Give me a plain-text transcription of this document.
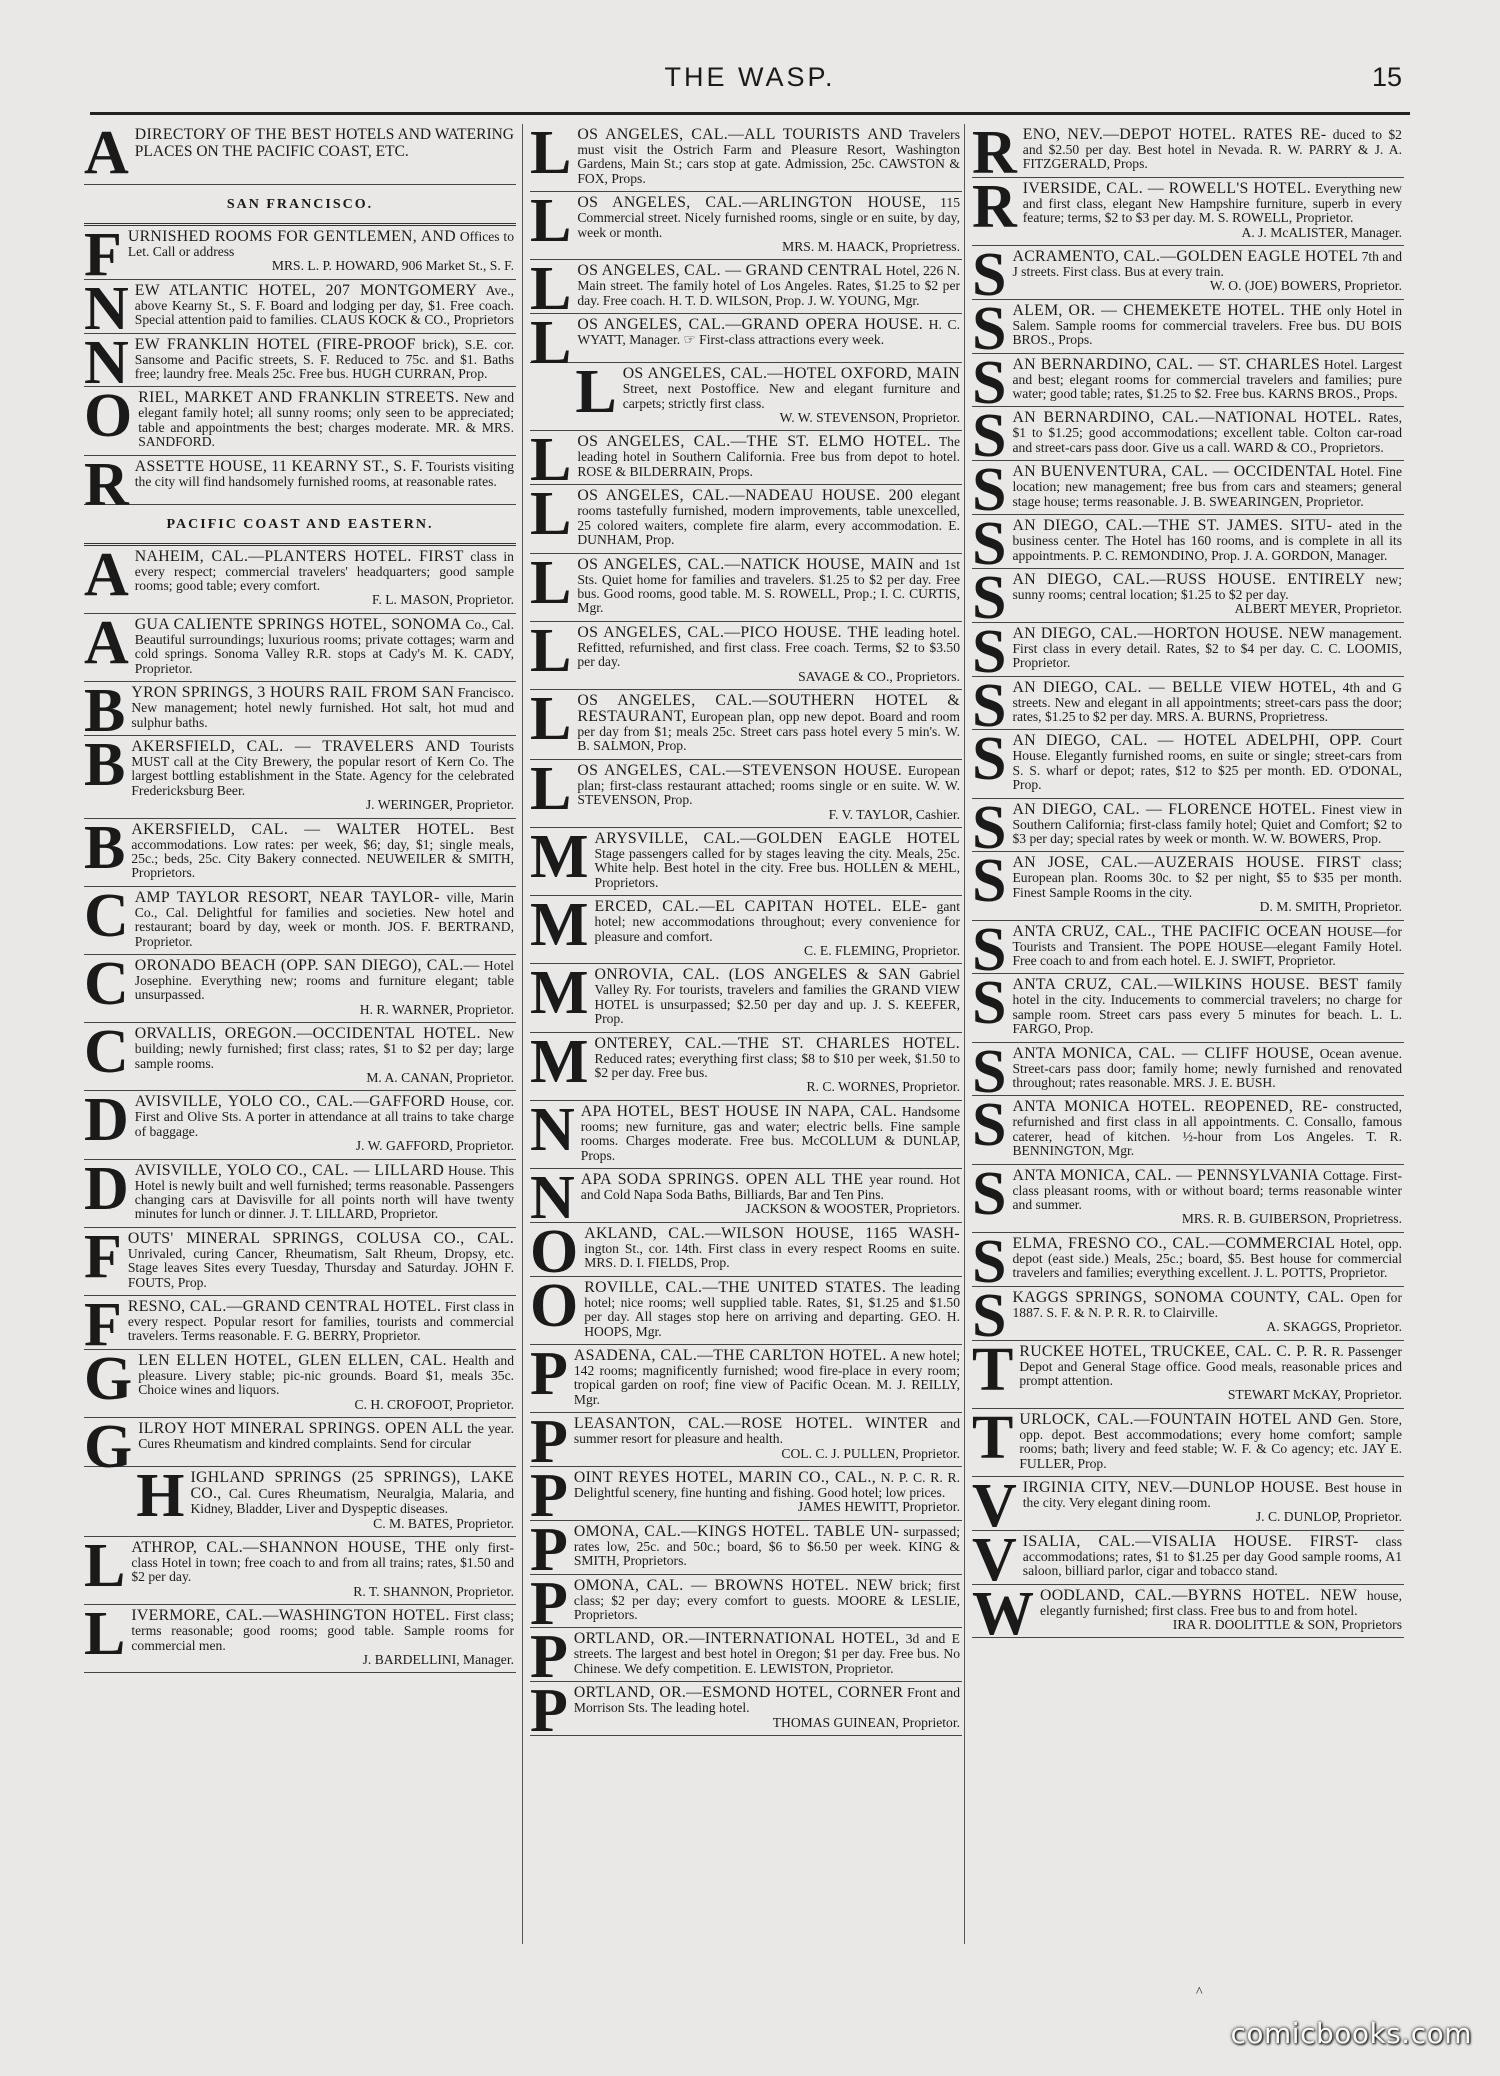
THE WASP.	15
A DIRECTORY OF THE BEST HOTELS AND WATERING PLACES ON THE PACIFIC COAST, ETC.
SAN FRANCISCO.
F URNISHED ROOMS FOR GENTLEMEN, AND Offices to Let. Call or address
MRS. L. P. HOWARD, 906 Market St., S. F.
N EW ATLANTIC HOTEL, 207 MONTGOMERY Ave., above Kearny St., S. F. Board and lodging per day, $1. Free coach. Special attention paid to families. CLAUS KOCK & CO., Proprietors
N EW FRANKLIN HOTEL (FIRE-PROOF brick), S.E. cor. Sansome and Pacific streets, S. F. Reduced to 75c. and $1. Baths free; laundry free. Meals 25c. Free bus. HUGH CURRAN, Prop.
O RIEL, MARKET AND FRANKLIN STREETS. New and elegant family hotel; all sunny rooms; only seen to be appreciated; table and appointments the best; charges moderate. MR. & MRS. SANDFORD.
R ASSETTE HOUSE, 11 KEARNY ST., S. F. Tourists visiting the city will find handsomely furnished rooms, at reasonable rates.
PACIFIC COAST AND EASTERN.
A NAHEIM, CAL.—PLANTERS HOTEL. FIRST class in every respect; commercial travelers' headquarters; good sample rooms; good table; every comfort.
F. L. MASON, Proprietor.
A GUA CALIENTE SPRINGS HOTEL, SONOMA Co., Cal. Beautiful surroundings; luxurious rooms; private cottages; warm and cold springs. Sonoma Valley R.R. stops at Cady's M. K. CADY, Proprietor.
B YRON SPRINGS, 3 HOURS RAIL FROM SAN Francisco. New management; hotel newly furnished. Hot salt, hot mud and sulphur baths.
B AKERSFIELD, CAL. — TRAVELERS AND Tourists MUST call at the City Brewery, the popular resort of Kern Co. The largest bottling establishment in the State. Agency for the celebrated Fredericksburg Beer.
J. WERINGER, Proprietor.
B AKERSFIELD, CAL. — WALTER HOTEL. Best accommodations. Low rates: per week, $6; day, $1; single meals, 25c.; beds, 25c. City Bakery connected. NEUWEILER & SMITH, Proprietors.
C AMP TAYLOR RESORT, NEAR TAYLOR- ville, Marin Co., Cal. Delightful for families and societies. New hotel and restaurant; board by day, week or month. JOS. F. BERTRAND, Proprietor.
C ORONADO BEACH (OPP. SAN DIEGO), CAL.— Hotel Josephine. Everything new; rooms and furniture elegant; table unsurpassed.
H. R. WARNER, Proprietor.
C ORVALLIS, OREGON.—OCCIDENTAL HOTEL. New building; newly furnished; first class; rates, $1 to $2 per day; large sample rooms.
M. A. CANAN, Proprietor.
D AVISVILLE, YOLO CO., CAL.—GAFFORD House, cor. First and Olive Sts. A porter in attendance at all trains to take charge of baggage.
J. W. GAFFORD, Proprietor.
D AVISVILLE, YOLO CO., CAL. — LILLARD House. This Hotel is newly built and well furnished; terms reasonable. Passengers changing cars at Davisville for all points north will have twenty minutes for lunch or dinner. J. T. LILLARD, Proprietor.
F OUTS' MINERAL SPRINGS, COLUSA CO., CAL. Unrivaled, curing Cancer, Rheumatism, Salt Rheum, Dropsy, etc. Stage leaves Sites every Tuesday, Thursday and Saturday. JOHN F. FOUTS, Prop.
F RESNO, CAL.—GRAND CENTRAL HOTEL. First class in every respect. Popular resort for families, tourists and commercial travelers. Terms reasonable. F. G. BERRY, Proprietor.
G LEN ELLEN HOTEL, GLEN ELLEN, CAL. Health and pleasure. Livery stable; pic-nic grounds. Board $1, meals 35c. Choice wines and liquors.
C. H. CROFOOT, Proprietor.
G ILROY HOT MINERAL SPRINGS. OPEN ALL the year. Cures Rheumatism and kindred complaints. Send for circular
H IGHLAND SPRINGS (25 SPRINGS), LAKE CO., Cal. Cures Rheumatism, Neuralgia, Malaria, and Kidney, Bladder, Liver and Dyspeptic diseases.
C. M. BATES, Proprietor.
L ATHROP, CAL.—SHANNON HOUSE, THE only first-class Hotel in town; free coach to and from all trains; rates, $1.50 and $2 per day.
R. T. SHANNON, Proprietor.
L IVERMORE, CAL.—WASHINGTON HOTEL. First class; terms reasonable; good rooms; good table. Sample rooms for commercial men.
J. BARDELLINI, Manager.
L OS ANGELES, CAL.—ALL TOURISTS AND Travelers must visit the Ostrich Farm and Pleasure Resort, Washington Gardens, Main St.; cars stop at gate. Admission, 25c. CAWSTON & FOX, Props.
L OS ANGELES, CAL.—ARLINGTON HOUSE, 115 Commercial street. Nicely furnished rooms, single or en suite, by day, week or month.
MRS. M. HAACK, Proprietress.
L OS ANGELES, CAL. — GRAND CENTRAL Hotel, 226 N. Main street. The family hotel of Los Angeles. Rates, $1.25 to $2 per day. Free coach. H. T. D. WILSON, Prop. J. W. YOUNG, Mgr.
L OS ANGELES, CAL.—GRAND OPERA HOUSE. H. C. WYATT, Manager. ☞ First-class attractions every week.
L OS ANGELES, CAL.—HOTEL OXFORD, MAIN Street, next Postoffice. New and elegant furniture and carpets; strictly first class.
W. W. STEVENSON, Proprietor.
L OS ANGELES, CAL.—THE ST. ELMO HOTEL. The leading hotel in Southern California. Free bus from depot to hotel. ROSE & BILDERRAIN, Props.
L OS ANGELES, CAL.—NADEAU HOUSE. 200 elegant rooms tastefully furnished, modern improvements, table unexcelled, 25 colored waiters, complete fire alarm, every accommodation. E. DUNHAM, Prop.
L OS ANGELES, CAL.—NATICK HOUSE, MAIN and 1st Sts. Quiet home for families and travelers. $1.25 to $2 per day. Free bus. Good rooms, good table. M. S. ROWELL, Prop.; I. C. CURTIS, Mgr.
L OS ANGELES, CAL.—PICO HOUSE. THE leading hotel. Refitted, refurnished, and first class. Free coach. Terms, $2 to $3.50 per day.
SAVAGE & CO., Proprietors.
L OS ANGELES, CAL.—SOUTHERN HOTEL & RESTAURANT, European plan, opp new depot. Board and room per day from $1; meals 25c. Street cars pass hotel every 5 min's. W. B. SALMON, Prop.
L OS ANGELES, CAL.—STEVENSON HOUSE. European plan; first-class restaurant attached; rooms single or en suite. W. W. STEVENSON, Prop.
F. V. TAYLOR, Cashier.
M ARYSVILLE, CAL.—GOLDEN EAGLE HOTEL Stage passengers called for by stages leaving the city. Meals, 25c. White help. Best hotel in the city. Free bus. HOLLEN & MEHL, Proprietors.
M ERCED, CAL.—EL CAPITAN HOTEL. ELE- gant hotel; new accommodations throughout; every convenience for pleasure and comfort.
C. E. FLEMING, Proprietor.
M ONROVIA, CAL. (LOS ANGELES & SAN Gabriel Valley Ry. For tourists, travelers and families the GRAND VIEW HOTEL is unsurpassed; $2.50 per day and up. J. S. KEEFER, Prop.
M ONTEREY, CAL.—THE ST. CHARLES HOTEL. Reduced rates; everything first class; $8 to $10 per week, $1.50 to $2 per day. Free bus.
R. C. WORNES, Proprietor.
N APA HOTEL, BEST HOUSE IN NAPA, CAL. Handsome rooms; new furniture, gas and water; electric bells. Fine sample rooms. Charges moderate. Free bus. McCOLLUM & DUNLAP, Props.
N APA SODA SPRINGS. OPEN ALL THE year round. Hot and Cold Napa Soda Baths, Billiards, Bar and Ten Pins.
JACKSON & WOOSTER, Proprietors.
O AKLAND, CAL.—WILSON HOUSE, 1165 WASH- ington St., cor. 14th. First class in every respect Rooms en suite. MRS. D. I. FIELDS, Prop.
O ROVILLE, CAL.—THE UNITED STATES. The leading hotel; nice rooms; well supplied table. Rates, $1, $1.25 and $1.50 per day. All stages stop here on arriving and departing. GEO. H. HOOPS, Mgr.
P ASADENA, CAL.—THE CARLTON HOTEL. A new hotel; 142 rooms; magnificently furnished; wood fire-place in every room; tropical garden on roof; fine view of Pacific Ocean. M. J. REILLY, Mgr.
P LEASANTON, CAL.—ROSE HOTEL. WINTER and summer resort for pleasure and health.
COL. C. J. PULLEN, Proprietor.
P OINT REYES HOTEL, MARIN CO., CAL., N. P. C. R. R. Delightful scenery, fine hunting and fishing. Good hotel; low prices.
JAMES HEWITT, Proprietor.
P OMONA, CAL.—KINGS HOTEL. TABLE UN- surpassed; rates low, 25c. and 50c.; board, $6 to $6.50 per week. KING & SMITH, Proprietors.
P OMONA, CAL. — BROWNS HOTEL. NEW brick; first class; $2 per day; every comfort to guests. MOORE & LESLIE, Proprietors.
P ORTLAND, OR.—INTERNATIONAL HOTEL, 3d and E streets. The largest and best hotel in Oregon; $1 per day. Free bus. No Chinese. We defy competition. E. LEWISTON, Proprietor.
P ORTLAND, OR.—ESMOND HOTEL, CORNER Front and Morrison Sts. The leading hotel.
THOMAS GUINEAN, Proprietor.
R ENO, NEV.—DEPOT HOTEL. RATES RE- duced to $2 and $2.50 per day. Best hotel in Nevada. R. W. PARRY & J. A. FITZGERALD, Props.
R IVERSIDE, CAL. — ROWELL'S HOTEL. Everything new and first class, elegant New Hampshire furniture, superb in every feature; terms, $2 to $3 per day. M. S. ROWELL, Proprietor.
A. J. McALISTER, Manager.
S ACRAMENTO, CAL.—GOLDEN EAGLE HOTEL 7th and J streets. First class. Bus at every train.
W. O. (JOE) BOWERS, Proprietor.
S ALEM, OR. — CHEMEKETE HOTEL. THE only Hotel in Salem. Sample rooms for commercial travelers. Free bus. DU BOIS BROS., Props.
S AN BERNARDINO, CAL. — ST. CHARLES Hotel. Largest and best; elegant rooms for commercial travelers and families; pure water; good table; rates, $1.25 to $2. Free bus. KARNS BROS., Props.
S AN BERNARDINO, CAL.—NATIONAL HOTEL. Rates, $1 to $1.25; good accommodations; excellent table. Colton car-road and street-cars pass door. Give us a call. WARD & CO., Proprietors.
S AN BUENVENTURA, CAL. — OCCIDENTAL Hotel. Fine location; new management; free bus from cars and steamers; general stage house; terms reasonable. J. B. SWEARINGEN, Proprietor.
S AN DIEGO, CAL.—THE ST. JAMES. SITU- ated in the business center. The Hotel has 160 rooms, and is complete in all its appointments. P. C. REMONDINO, Prop. J. A. GORDON, Manager.
S AN DIEGO, CAL.—RUSS HOUSE. ENTIRELY new; sunny rooms; central location; $1.25 to $2 per day.
ALBERT MEYER, Proprietor.
S AN DIEGO, CAL.—HORTON HOUSE. NEW management. First class in every detail. Rates, $2 to $4 per day. C. C. LOOMIS, Proprietor.
S AN DIEGO, CAL. — BELLE VIEW HOTEL, 4th and G streets. New and elegant in all appointments; street-cars pass the door; rates, $1.25 to $2 per day. MRS. A. BURNS, Proprietress.
S AN DIEGO, CAL. — HOTEL ADELPHI, OPP. Court House. Elegantly furnished rooms, en suite or single; street-cars from S. S. wharf or depot; rates, $12 to $25 per month. ED. O'DONAL, Prop.
S AN DIEGO, CAL. — FLORENCE HOTEL. Finest view in Southern California; first-class family hotel; Quiet and Comfort; $2 to $3 per day; special rates by week or month. W. W. BOWERS, Prop.
S AN JOSE, CAL.—AUZERAIS HOUSE. FIRST class; European plan. Rooms 30c. to $2 per night, $5 to $35 per month. Finest Sample Rooms in the city.
D. M. SMITH, Proprietor.
S ANTA CRUZ, CAL., THE PACIFIC OCEAN HOUSE—for Tourists and Transient. The POPE HOUSE—elegant Family Hotel. Free coach to and from each hotel. E. J. SWIFT, Proprietor.
S ANTA CRUZ, CAL.—WILKINS HOUSE. BEST family hotel in the city. Inducements to commercial travelers; no charge for sample room. Street cars pass every 5 minutes for beach. L. L. FARGO, Prop.
S ANTA MONICA, CAL. — CLIFF HOUSE, Ocean avenue. Street-cars pass door; family home; newly furnished and renovated throughout; rates reasonable. MRS. J. E. BUSH.
S ANTA MONICA HOTEL. REOPENED, RE- constructed, refurnished and first class in all appointments. C. Consallo, famous caterer, head of kitchen. ½-hour from Los Angeles. T. R. BENNINGTON, Mgr.
S ANTA MONICA, CAL. — PENNSYLVANIA Cottage. First-class pleasant rooms, with or without board; terms reasonable winter and summer.
MRS. R. B. GUIBERSON, Proprietress.
S ELMA, FRESNO CO., CAL.—COMMERCIAL Hotel, opp. depot (east side.) Meals, 25c.; board, $5. Best house for commercial travelers and families; everything excellent. J. L. POTTS, Proprietor.
S KAGGS SPRINGS, SONOMA COUNTY, CAL. Open for 1887. S. F. & N. P. R. R. to Clairville.
A. SKAGGS, Proprietor.
T RUCKEE HOTEL, TRUCKEE, CAL. C. P. R. R. Passenger Depot and General Stage office. Good meals, reasonable prices and prompt attention.
STEWART McKAY, Proprietor.
T URLOCK, CAL.—FOUNTAIN HOTEL AND Gen. Store, opp. depot. Best accommodations; every home comfort; sample rooms; bath; livery and feed stable; W. F. & Co agency; etc. JAY E. FULLER, Prop.
V IRGINIA CITY, NEV.—DUNLOP HOUSE. Best house in the city. Very elegant dining room.
J. C. DUNLOP, Proprietor.
V ISALIA, CAL.—VISALIA HOUSE. FIRST- class accommodations; rates, $1 to $1.25 per day Good sample rooms, A1 saloon, billiard parlor, cigar and tobacco stand.
W OODLAND, CAL.—BYRNS HOTEL. NEW house, elegantly furnished; first class. Free bus to and from hotel.
IRA R. DOOLITTLE & SON, Proprietors
^
comicbooks.com
